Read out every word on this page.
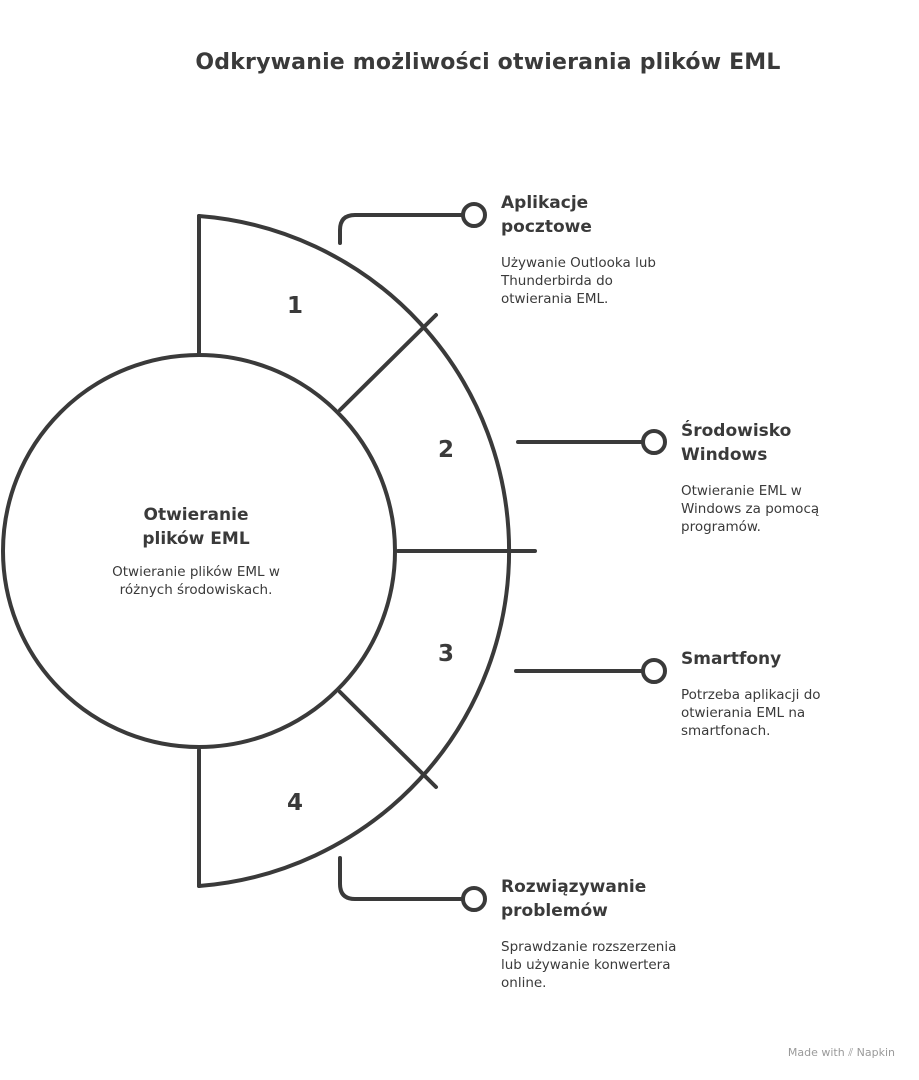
Odkrywanie możliwości otwierania plików EML
1
2
3
4
Otwieranie
plików EML
Otwieranie plików EML w różnych środowiskach.
Aplikacje
pocztowe
Używanie Outlooka lub Thunderbirda do otwierania EML.
Środowisko
Windows
Otwieranie EML w Windows za pomocą programów.
Smartfony
Potrzeba aplikacji do otwierania EML na smartfonach.
Rozwiązywanie
problemów
Sprawdzanie rozszerzenia lub używanie konwertera online.
Made with ⫽ Napkin
